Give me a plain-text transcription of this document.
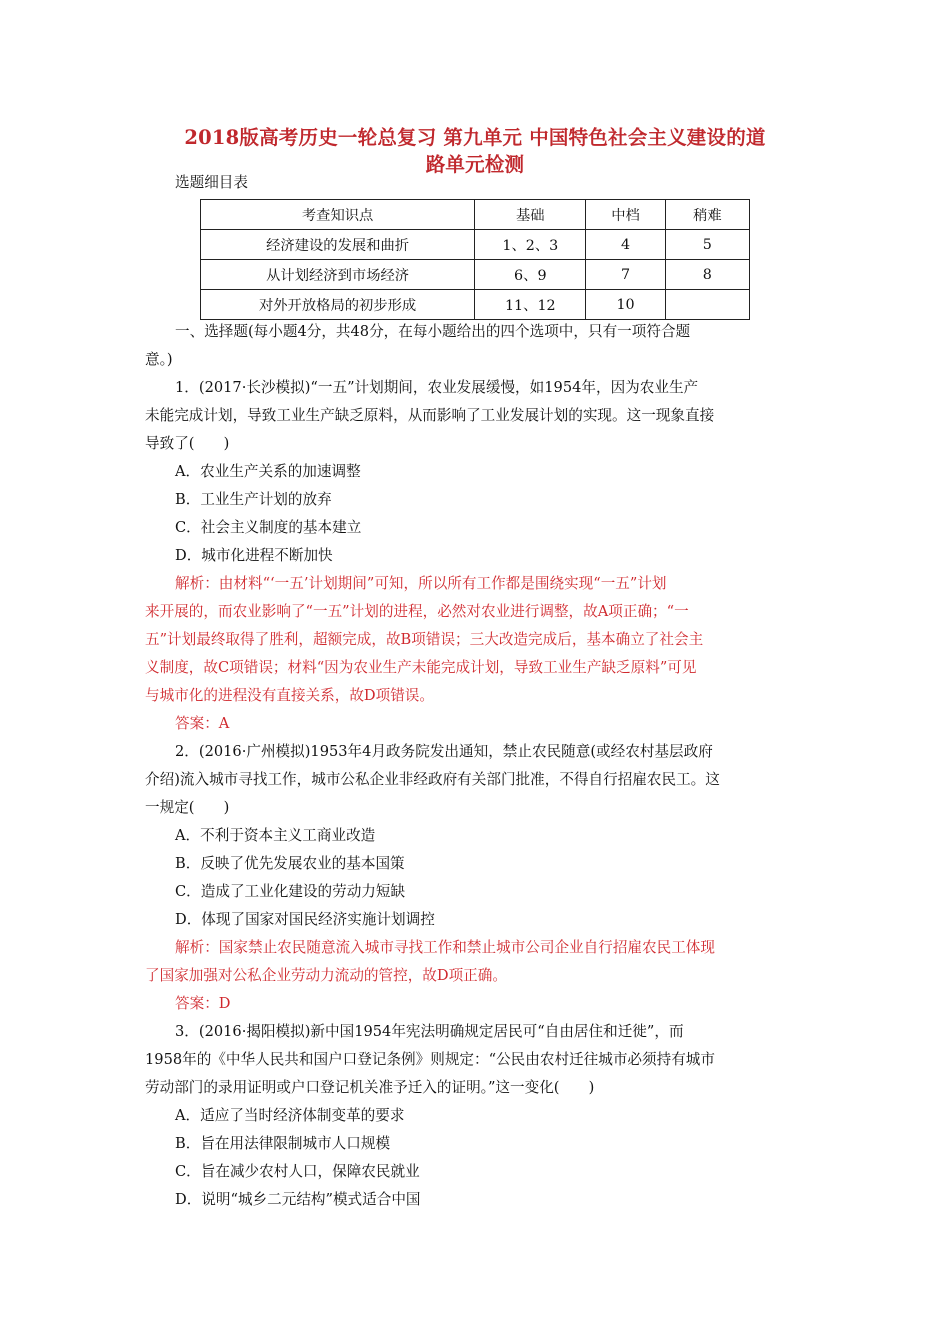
2018版高考历史一轮总复习 第九单元 中国特色社会主义建设的道
路单元检测
选题细目表
考查知识点	基础	中档	稍难
经济建设的发展和曲折	1、2、3	4	5
从计划经济到市场经济	6、9	7	8
对外开放格局的初步形成	11、12	10	
一、选择题(每小题4分，共48分，在每小题给出的四个选项中，只有一项符合题
意。)
1．(2017·长沙模拟)“一五”计划期间，农业发展缓慢，如1954年，因为农业生产
未能完成计划，导致工业生产缺乏原料，从而影响了工业发展计划的实现。这一现象直接
导致了(　　)
A．农业生产关系的加速调整
B．工业生产计划的放弃
C．社会主义制度的基本建立
D．城市化进程不断加快
解析：由材料“‘一五’计划期间”可知，所以所有工作都是围绕实现“一五”计划
来开展的，而农业影响了“一五”计划的进程，必然对农业进行调整，故A项正确；“一
五”计划最终取得了胜利，超额完成，故B项错误；三大改造完成后，基本确立了社会主
义制度，故C项错误；材料“因为农业生产未能完成计划，导致工业生产缺乏原料”可见
与城市化的进程没有直接关系，故D项错误。
答案：A
2．(2016·广州模拟)1953年4月政务院发出通知，禁止农民随意(或经农村基层政府
介绍)流入城市寻找工作，城市公私企业非经政府有关部门批准，不得自行招雇农民工。这
一规定(　　)
A．不利于资本主义工商业改造
B．反映了优先发展农业的基本国策
C．造成了工业化建设的劳动力短缺
D．体现了国家对国民经济实施计划调控
解析：国家禁止农民随意流入城市寻找工作和禁止城市公司企业自行招雇农民工体现
了国家加强对公私企业劳动力流动的管控，故D项正确。
答案：D
3．(2016·揭阳模拟)新中国1954年宪法明确规定居民可“自由居住和迁徙”，而
1958年的《中华人民共和国户口登记条例》则规定：“公民由农村迁往城市必须持有城市
劳动部门的录用证明或户口登记机关准予迁入的证明。”这一变化(　　)
A．适应了当时经济体制变革的要求
B．旨在用法律限制城市人口规模
C．旨在减少农村人口，保障农民就业
D．说明“城乡二元结构”模式适合中国
